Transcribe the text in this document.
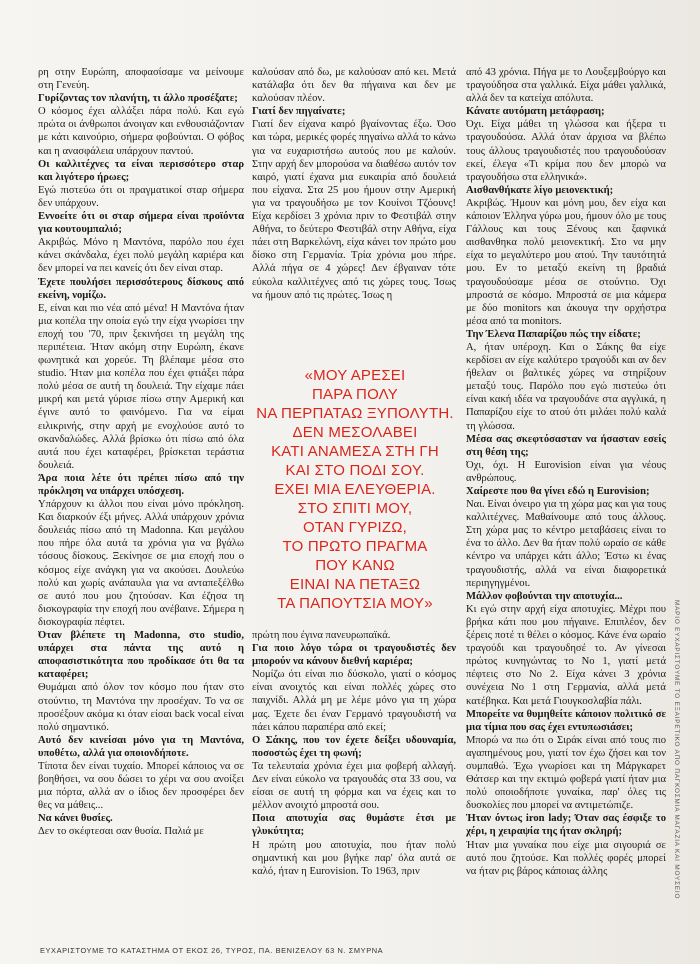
ρη στην Ευρώπη, αποφασίσαμε να μείνουμε στη Γενεύη.

Γυρίζοντας τον πλανήτη, τι άλλο προσέξατε;

Ο κόσμος έχει αλλάξει πάρα πολύ. Και εγώ πρώτα οι άνθρωποι άνοιγαν και ενθουσιάζονταν με κάτι καινούριο, σήμερα φοβούνται. Ο φόβος και η ανασφάλεια υπάρχουν παντού.

Οι καλλιτέχνες τα είναι περισσότερο σταρ και λιγότερο ήρωες;

Εγώ πιστεύω ότι οι πραγματικοί σταρ σήμερα δεν υπάρχουν.

Εννοείτε ότι οι σταρ σήμερα είναι προϊόντα για κουτουμπαλιό;

Ακριβώς. Μόνο η Μαντόνα, παρόλο που έχει κάνει σκάνδαλα, έχει πολύ μεγάλη καριέρα και δεν μπορεί να πει κανείς ότι δεν είναι σταρ.

Έχετε πουλήσει περισσότερους δίσκους από εκείνη, νομίζω.

Ε, είναι και πιο νέα από μένα! Η Μαντόνα ήταν μια κοπέλα την οποία εγώ την είχα γνωρίσει την εποχή του '70, πριν ξεκινήσει τη μεγάλη της περιπέτεια. Ήταν ακόμη στην Ευρώπη, έκανε φωνητικά και χορεύε. Τη βλέπαμε μέσα στο studio. Ήταν μια κοπέλα που έχει φτιάξει πάρα πολύ μέσα σε αυτή τη δουλειά. Την είχαμε πάει μικρή και μετά γύρισε πίσω στην Αμερική και έγινε αυτό το φαινόμενο. Για να είμαι ειλικρινής, στην αρχή με ενοχλούσε αυτό το σκανδαλώδες. Αλλά βρίσκω ότι πίσω από όλα αυτά που έχει καταφέρει, βρίσκεται τεράστια δουλειά.

Άρα ποια λέτε ότι πρέπει πίσω από την πρόκληση να υπάρχει υπόσχεση.

Υπάρχουν κι άλλοι που είναι μόνο πρόκληση. Και διαρκούν έξι μήνες. Αλλά υπάρχουν χρόνια δουλειάς πίσω από τη Madonna. Και μεγάλου που πήρε όλα αυτά τα χρόνια για να βγάλω τόσους δίσκους. Ξεκίνησε σε μια εποχή που ο κόσμος είχε ανάγκη για να ακούσει. Δουλεύω πολύ και χωρίς ανάπαυλα για να ανταπεξέλθω σε αυτό που μου ζητούσαν. Και έζησα τη δισκογραφία την εποχή που ανέβαινε. Σήμερα η δισκογραφία πέφτει.

Όταν βλέπετε τη Madonna, στο studio, υπάρχει στα πάντα της αυτό η αποφασιστικότητα που προδίκασε ότι θα τα καταφέρει;

Θυμάμαι από όλον τον κόσμο που ήταν στο στούντιο, τη Μαντόνα την προσέχαν. Το να σε προσέξουν ακόμα κι όταν είσαι back vocal είναι πολύ σημαντικό.

Αυτό δεν κινείσαι μόνο για τη Μαντόνα, υποθέτω, αλλά για οποιονδήποτε.

Τίποτα δεν είναι τυχαίο. Μπορεί κάποιος να σε βοηθήσει, να σου δώσει το χέρι να σου ανοίξει μια πόρτα, αλλά αν ο ίδιος δεν προσφέρει δεν θες να μάθεις...

Να κάνει θυσίες.

Δεν το σκέφτεσαι σαν θυσία. Παλιά με

καλούσαν από δω, με καλούσαν από κει. Μετά κατάλαβα ότι δεν θα πήγαινα και δεν με καλούσαν πλέον.

Γιατί δεν πηγαίνατε;

Γιατί δεν είχανα καιρό βγαίνοντας έξω. Όσο και τώρα, μερικές φορές πηγαίνω αλλά το κάνω για να ευχαριστήσω αυτούς που με καλούν. Στην αρχή δεν μπορούσα να διαθέσω αυτόν τον καιρό, γιατί έχανα μια ευκαιρία από δουλειά που είχανα. Στα 25 μου ήμουν στην Αμερική για να τραγουδήσω με τον Κουίνσι Τζόουνς! Είχα κερδίσει 3 χρόνια πριν το Φεστιβάλ στην Αθήνα, το δεύτερο Φεστιβάλ στην Αθήνα, είχα πάει στη Βαρκελώνη, είχα κάνει τον πρώτο μου δίσκο στη Γερμανία. Τρία χρόνια μου πήρε. Αλλά πήγα σε 4 χώρες! Δεν έβγαιναν τότε εύκολα καλλιτέχνες από τις χώρες τους. Ίσως να ήμουν από τις πρώτες. Ίσως η

«ΜΟΥ ΑΡΕΣΕΙ
ΠΑΡΑ ΠΟΛΥ
ΝΑ ΠΕΡΠΑΤΑΩ ΞΥΠΟΛΥΤΗ.
ΔΕΝ ΜΕΣΟΛΑΒΕΙ
ΚΑΤΙ ΑΝΑΜΕΣΑ ΣΤΗ ΓΗ
ΚΑΙ ΣΤΟ ΠΟΔΙ ΣΟΥ.
ΕΧΕΙ ΜΙΑ ΕΛΕΥΘΕΡΙΑ.
ΣΤΟ ΣΠΙΤΙ ΜΟΥ,
ΟΤΑΝ ΓΥΡΙΖΩ,
ΤΟ ΠΡΩΤΟ ΠΡΑΓΜΑ
ΠΟΥ ΚΑΝΩ
ΕΙΝΑΙ ΝΑ ΠΕΤΑΞΩ
ΤΑ ΠΑΠΟΥΤΣΙΑ ΜΟΥ»

πρώτη που έγινα πανευρωπαϊκά.

Για ποιο λόγο τώρα οι τραγουδιστές δεν μπορούν να κάνουν διεθνή καριέρα;

Νομίζω ότι είναι πιο δύσκολο, γιατί ο κόσμος είναι ανοιχτός και είναι πολλές χώρες στο παιχνίδι. Αλλά μη με λέμε μόνο για τη χώρα μας. Έχετε δει έναν Γερμανό τραγουδιστή να πάει κάπου παραπέρα από εκεί;

Ο Σάκης, που τον έχετε δείξει υδουναμία, ποσοστώς έχει τη φωνή;

Τα τελευταία χρόνια έχει μια φοβερή αλλαγή. Δεν είναι εύκολο να τραγουδάς στα 33 σου, να είσαι σε αυτή τη φόρμα και να έχεις και το μέλλον ανοιχτό μπροστά σου.

Ποια αποτυχία σας θυμάστε έτσι με γλυκύτητα;

Η πρώτη μου αποτυχία, που ήταν πολύ σημαντική και μου βγήκε παρ' όλα αυτά σε καλό, ήταν η Eurovision. Το 1963, πριν

από 43 χρόνια. Πήγα με το Λουξεμβούργο και τραγούδησα στα γαλλικά. Είχα μάθει γαλλικά, αλλά δεν τα κατείχα απόλυτα.

Κάνατε αυτόματη μετάφραση;

Όχι. Είχα μάθει τη γλώσσα και ήξερα τι τραγουδούσα. Αλλά όταν άρχισα να βλέπω τους άλλους τραγουδιστές που τραγουδούσαν εκεί, έλεγα «Τι κρίμα που δεν μπορώ να τραγουδήσω στα ελληνικά».

Αισθανθήκατε λίγο μειονεκτική;

Ακριβώς. Ήμουν και μόνη μου, δεν είχα και κάποιον Έλληνα γύρω μου, ήμουν όλο με τους Γάλλους και τους Ξένους και ξαφνικά αισθανθηκα πολύ μειονεκτική. Στο να μην είχα το μεγαλύτερο μου ατού. Την ταυτότητά μου. Εν το μεταξύ εκείνη τη βραδιά τραγουδούσαμε μέσα σε στούντιο. Όχι μπροστά σε κόσμο. Μπροστά σε μια κάμερα με δύο monitors και άκουγα την ορχήστρα μέσα από τα monitors.

Την Έλενα Παπαρίζου πώς την είδατε;

Α, ήταν υπέροχη. Και ο Σάκης θα είχε κερδίσει αν είχε καλύτερο τραγούδι και αν δεν ήθελαν οι βαλτικές χώρες να στηρίξουν μεταξύ τους. Παρόλο που εγώ πιστεύω ότι είναι κακή ιδέα να τραγουδάνε στα αγγλικά, η Παπαρίζου είχε το ατού ότι μιλάει πολύ καλά τη γλώσσα.

Μέσα σας σκεφτόσασταν να ήσασταν εσείς στη θέση της;

Όχι, όχι. Η Eurovision είναι για νέους ανθρώπους.

Χαίρεστε που θα γίνει εδώ η Eurovision;

Ναι. Είναι όνειρο για τη χώρα μας και για τους καλλιτέχνες. Μαθαίνουμε από τους άλλους. Στη χώρα μας το κέντρο μεταβάσεις είναι το ένα το άλλο. Δεν θα ήταν πολύ ωραίο σε κάθε κέντρο να υπάρχει κάτι άλλο; Έστω κι ένας τραγουδιστής, αλλά να είναι διαφορετικά περιηγηγμένοι.

Μάλλον φοβούνται την αποτυχία...

Κι εγώ στην αρχή είχα αποτυχίες. Μέχρι που βρήκα κάτι που μου πήγαινε. Επιπλέον, δεν ξέρεις ποτέ τι θέλει ο κόσμος. Κάνε ένα ωραίο τραγούδι και τραγουδησέ το. Αν γίνεσαι πρώτος κυνηγώντας το Νο 1, γιατί μετά πέφτεις στο Νο 2. Είχα κάνει 3 χρόνια συνέχεια Νο 1 στη Γερμανία, αλλά μετά κατέβηκα. Και μετά Γιουγκοσλαβία πάλι.

Μπορείτε να θυμηθείτε κάποιον πολιτικό σε μια τίμια που σας έχει εντυπωσιάσει;

Μπορώ να πω ότι ο Σιράκ είναι από τους πιο αγαπημένους μου, γιατί τον έχω ζήσει και τον συμπαθώ. Έχω γνωρίσει και τη Μάργκαρετ Θάτσερ και την εκτιμώ φοβερά γιατί ήταν μια πολύ οποιοδήποτε γυναίκα, παρ' όλες τις δυσκολίες που μπορεί να αντιμετώπιζε.

Ήταν όντως iron lady; Όταν σας έσφιξε το χέρι, η χειραψία της ήταν σκληρή;

Ήταν μια γυναίκα που είχε μια σιγουριά σε αυτό που ζητούσε. Και πολλές φορές μπορεί να ήταν ρις βάρος κάποιας άλλης

ΕΥΧΑΡΙΣΤΟΥΜΕ ΤΟ ΚΑΤΑΣΤΗΜΑ ΟΤ ΕΚΟΣ 26, ΤΥΡΟΣ, ΠΑ. ΒΕΝΙΖΕΛΟΥ 63 Ν. ΣΜΥΡΝΑ
ΜΑΡΙΟ ΕΥΧΑΡΙΣΤΟΥΜΕ ΤΟ ΕΞΑΙΡΕΤΙΚΟ ΑΠΟ ΠΑΓΚΟΣΜΙΑ ΜΑΓΑΖΙΑ ΚΑΙ ΜΟΥΣΕΙΟ
